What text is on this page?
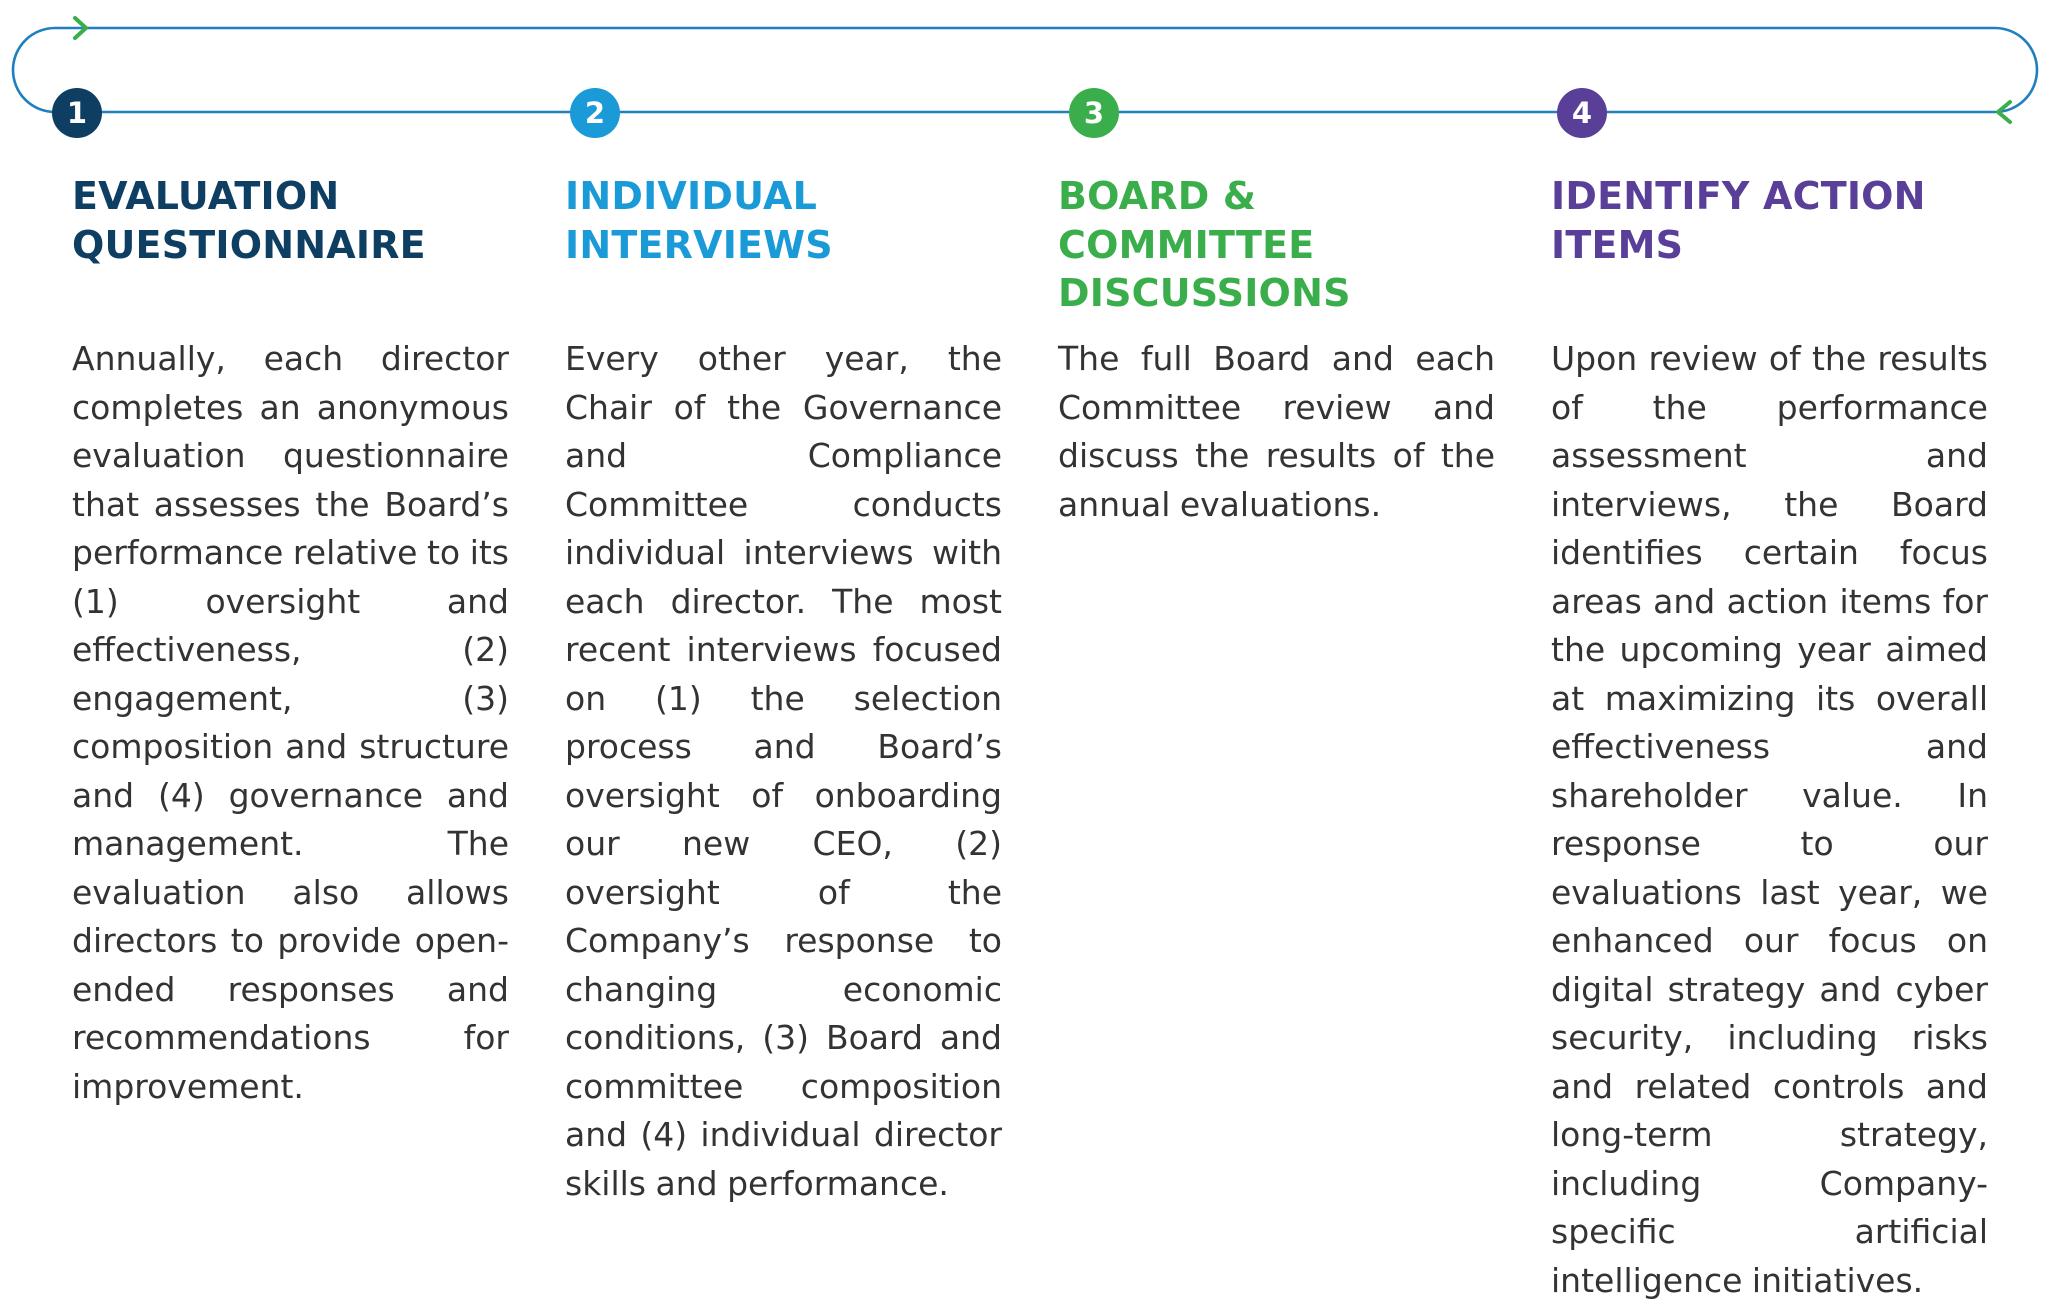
1
EVALUATION
QUESTIONNAIRE

Annually, each director completes an anonymous evaluation questionnaire that assesses the Board’s performance relative to its (1) oversight and effectiveness, (2) engagement, (3) composition and structure and (4) governance and management. The evaluation also allows directors to provide open-ended responses and recommendations for improvement.

2
INDIVIDUAL
INTERVIEWS

Every other year, the Chair of the Governance and Compliance Committee conducts individual interviews with each director. The most recent interviews focused on (1) the selection process and Board’s oversight of onboarding our new CEO, (2) oversight of the Company’s response to changing economic conditions, (3) Board and committee composition and (4) individual director skills and performance.

3
BOARD &
COMMITTEE
DISCUSSIONS

The full Board and each Committee review and discuss the results of the annual evaluations.

4
IDENTIFY ACTION
ITEMS

Upon review of the results of the performance assessment and interviews, the Board identifies certain focus areas and action items for the upcoming year aimed at maximizing its overall effectiveness and shareholder value. In response to our evaluations last year, we enhanced our focus on digital strategy and cyber security, including risks and related controls and long-term strategy, including Company-specific artificial intelligence initiatives.
